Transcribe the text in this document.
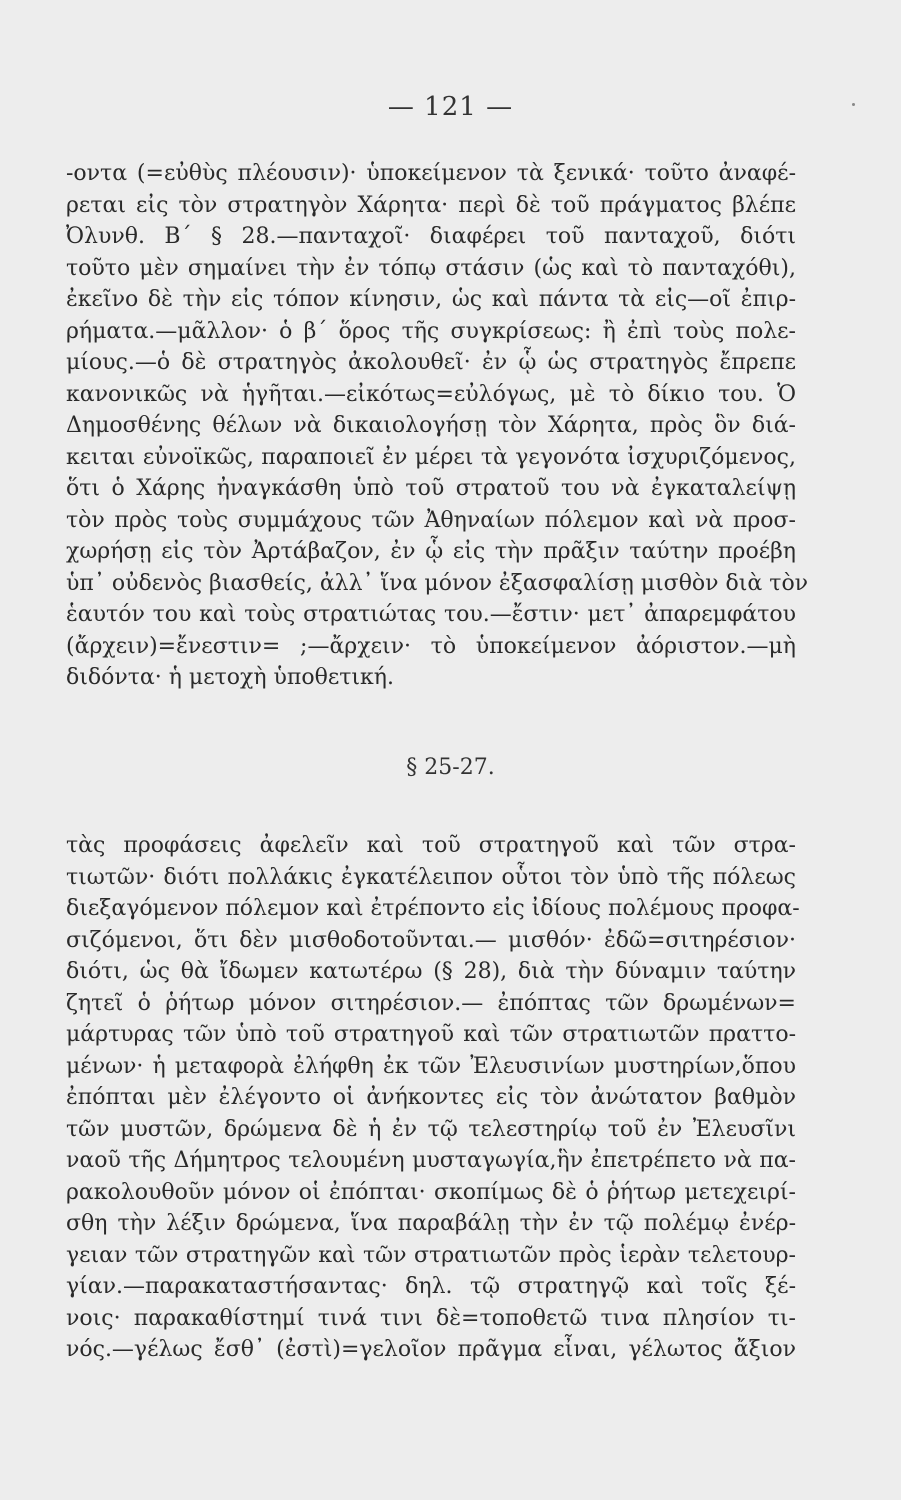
— 121 —
-οντα (=εὐθὺς πλέουσιν)· ὑποκείμενον τὰ ξενικά· τοῦτο ἀναφέ-
ρεται εἰς τὸν στρατηγὸν Χάρητα· περὶ δὲ τοῦ πράγματος βλέπε
Ὀλυνθ. Β´ § 28.—πανταχοῖ· διαφέρει τοῦ πανταχοῦ, διότι
τοῦτο μὲν σημαίνει τὴν ἐν τόπῳ στάσιν (ὡς καὶ τὸ πανταχόθι),
ἐκεῖνο δὲ τὴν εἰς τόπον κίνησιν, ὡς καὶ πάντα τὰ εἰς—οῖ ἐπιρ-
ρήματα.—μᾶλλον· ὁ β´ ὅρος τῆς συγκρίσεως: ἢ ἐπὶ τοὺς πολε-
μίους.—ὁ δὲ στρατηγὸς ἀκολουθεῖ· ἐν ᾧ ὡς στρατηγὸς ἔπρεπε
κανονικῶς νὰ ἡγῆται.—εἰκότως=εὐλόγως, μὲ τὸ δίκιο του. Ὁ
Δημοσθένης θέλων νὰ δικαιολογήσῃ τὸν Χάρητα, πρὸς ὃν διά-
κειται εὐνοϊκῶς, παραποιεῖ ἐν μέρει τὰ γεγονότα ἰσχυριζόμενος,
ὅτι ὁ Χάρης ἠναγκάσθη ὑπὸ τοῦ στρατοῦ του νὰ ἐγκαταλείψῃ
τὸν πρὸς τοὺς συμμάχους τῶν Ἀθηναίων πόλεμον καὶ νὰ προσ-
χωρήσῃ εἰς τὸν Ἀρτάβαζον, ἐν ᾧ εἰς τὴν πρᾶξιν ταύτην προέβη
ὑπ᾿ οὐδενὸς βιασθείς, ἀλλ᾿ ἵνα μόνον ἐξασφαλίσῃ μισθὸν διὰ τὸν
ἑαυτόν του καὶ τοὺς στρατιώτας του.—ἔστιν· μετ᾿ ἀπαρεμφάτου
(ἄρχειν)=ἔνεστιν= ;—ἄρχειν· τὸ ὑποκείμενον ἀόριστον.—μὴ
διδόντα· ἡ μετοχὴ ὑποθετική.
§ 25-27.
τὰς προφάσεις ἀφελεῖν καὶ τοῦ στρατηγοῦ καὶ τῶν στρα-
τιωτῶν· διότι πολλάκις ἐγκατέλειπον οὗτοι τὸν ὑπὸ τῆς πόλεως
διεξαγόμενον πόλεμον καὶ ἐτρέποντο εἰς ἰδίους πολέμους προφα-
σιζόμενοι, ὅτι δὲν μισθοδοτοῦνται.— μισθόν· ἐδῶ=σιτηρέσιον·
διότι, ὡς θὰ ἴδωμεν κατωτέρω (§ 28), διὰ τὴν δύναμιν ταύτην
ζητεῖ ὁ ῥήτωρ μόνον σιτηρέσιον.— ἐπόπτας τῶν δρωμένων=
μάρτυρας τῶν ὑπὸ τοῦ στρατηγοῦ καὶ τῶν στρατιωτῶν πραττο-
μένων· ἡ μεταφορὰ ἐλήφθη ἐκ τῶν Ἐλευσινίων μυστηρίων,ὅπου
ἐπόπται μὲν ἐλέγοντο οἱ ἀνήκοντες εἰς τὸν ἀνώτατον βαθμὸν
τῶν μυστῶν, δρώμενα δὲ ἡ ἐν τῷ τελεστηρίῳ τοῦ ἐν Ἐλευσῖνι
ναοῦ τῆς Δήμητρος τελουμένη μυσταγωγία,ἣν ἐπετρέπετο νὰ πα-
ρακολουθοῦν μόνον οἱ ἐπόπται· σκοπίμως δὲ ὁ ῥήτωρ μετεχειρί-
σθη τὴν λέξιν δρώμενα, ἵνα παραβάλῃ τὴν ἐν τῷ πολέμῳ ἐνέρ-
γειαν τῶν στρατηγῶν καὶ τῶν στρατιωτῶν πρὸς ἱερὰν τελετουρ-
γίαν.—παρακαταστήσαντας· δηλ. τῷ στρατηγῷ καὶ τοῖς ξέ-
νοις· παρακαθίστημί τινά τινι δὲ=τοποθετῶ τινα πλησίον τι-
νός.—γέλως ἔσθ᾿ (ἐστὶ)=γελοῖον πρᾶγμα εἶναι, γέλωτος ἄξιον
